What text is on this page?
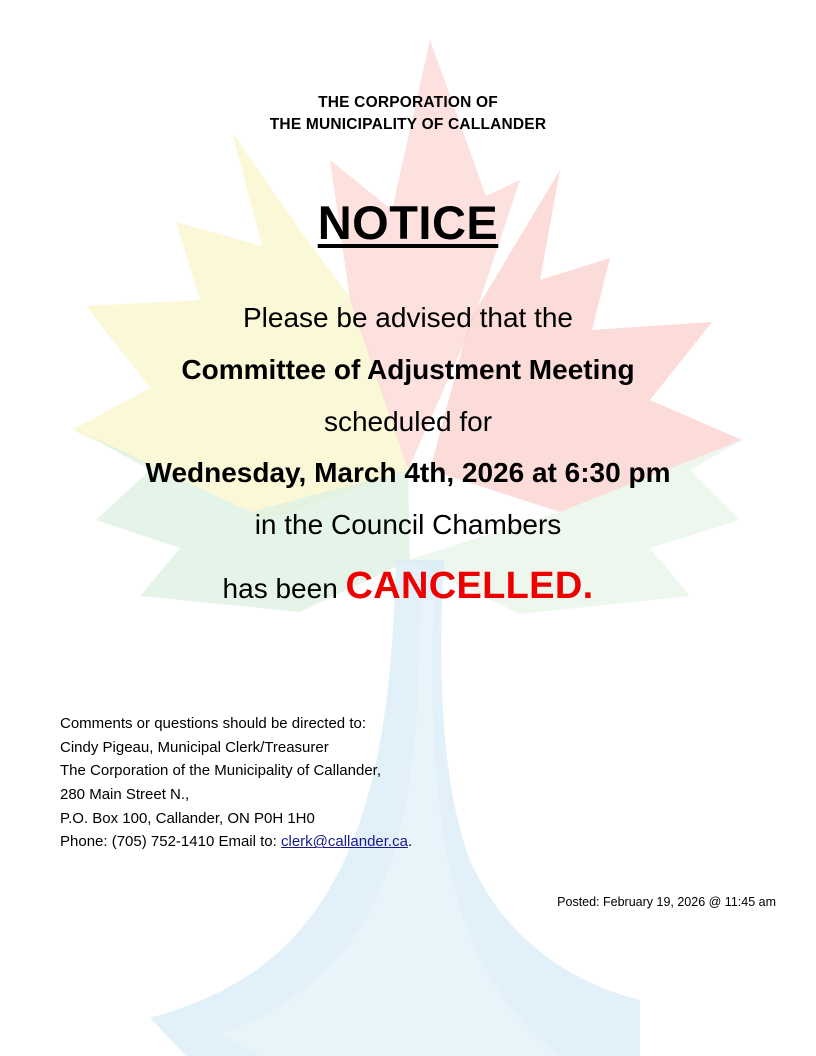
THE CORPORATION OF
THE MUNICIPALITY OF CALLANDER
NOTICE
Please be advised that the
Committee of Adjustment Meeting
scheduled for
Wednesday, March 4th, 2026 at 6:30 pm
in the Council Chambers
has been CANCELLED.
Comments or questions should be directed to:
Cindy Pigeau, Municipal Clerk/Treasurer
The Corporation of the Municipality of Callander,
280 Main Street N.,
P.O. Box 100, Callander, ON P0H 1H0
Phone: (705) 752-1410 Email to: clerk@callander.ca.
Posted: February 19, 2026 @ 11:45 am
